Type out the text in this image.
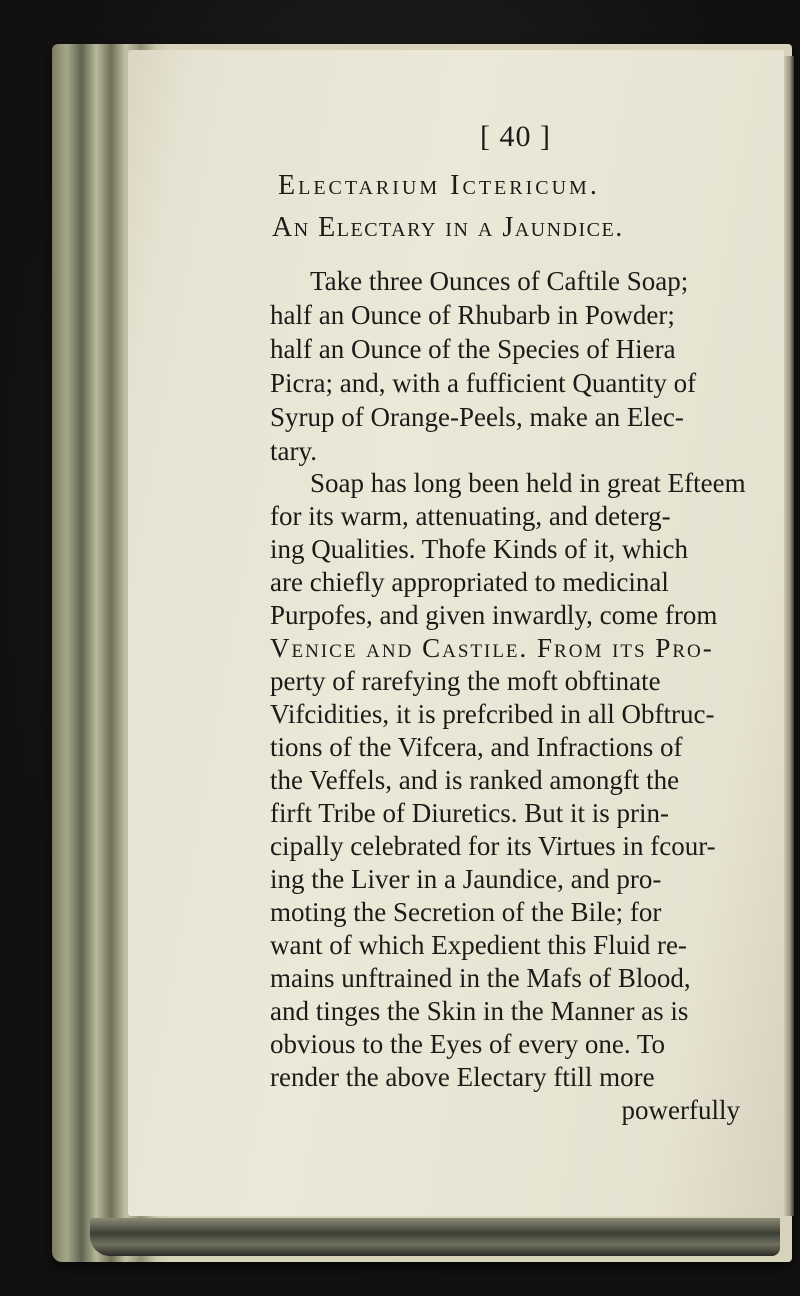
[ 40 ]
Electarium Ictericum.
An Electary in a Jaundice.
Take three Ounces of Caftile Soap;
half an Ounce of Rhubarb in Powder;
half an Ounce of the Species of Hiera
Picra; and, with a fufficient Quantity of
Syrup of Orange-Peels, make an Elec-
tary.
Soap has long been held in great Efteem
for its warm, attenuating, and deterg-
ing Qualities. Thofe Kinds of it, which
are chiefly appropriated to medicinal
Purpofes, and given inwardly, come from
Venice and Castile. From its Pro-
perty of rarefying the moft obftinate
Vifcidities, it is prefcribed in all Obftruc-
tions of the Vifcera, and Infractions of
the Veffels, and is ranked amongft the
firft Tribe of Diuretics. But it is prin-
cipally celebrated for its Virtues in fcour-
ing the Liver in a Jaundice, and pro-
moting the Secretion of the Bile; for
want of which Expedient this Fluid re-
mains unftrained in the Mafs of Blood,
and tinges the Skin in the Manner as is
obvious to the Eyes of every one. To
render the above Electary ftill more
powerfully
